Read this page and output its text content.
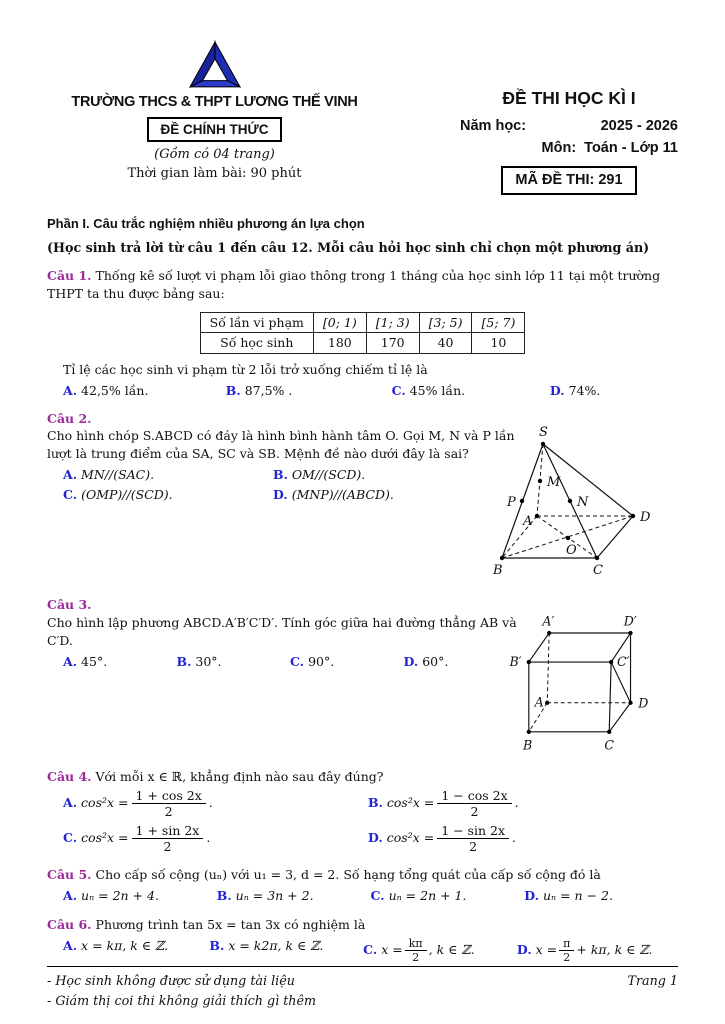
TRƯỜNG THCS & THPT LƯƠNG THẾ VINH
ĐỀ CHÍNH THỨC
(Gồm có 04 trang)
Thời gian làm bài: 90 phút
ĐỀ THI HỌC KÌ I
Năm học:	2025 - 2026
Môn: Toán - Lớp 11
MÃ ĐỀ THI: 291
Phần I. Câu trắc nghiệm nhiều phương án lựa chọn
(Học sinh trả lời từ câu 1 đến câu 12. Mỗi câu hỏi học sinh chỉ chọn một phương án)

Câu 1. Thống kê số lượt vi phạm lỗi giao thông trong 1 tháng của học sinh lớp 11 tại một trường THPT ta thu được bảng sau:

Số lần vi phạm	[0; 1)	[1; 3)	[3; 5)	[5; 7)
Số học sinh	180	170	40	10
Tỉ lệ các học sinh vi phạm từ 2 lỗi trở xuống chiếm tỉ lệ là
A. 42,5% lần.	B. 87,5% .	C. 45% lần.	D. 74%.
Câu 2.

Cho hình chóp S.ABCD có đáy là hình bình hành tâm O. Gọi M, N và P lần lượt là trung điểm của SA, SC và SB. Mệnh đề nào dưới đây là sai?

A. MN//(SAC).	B. OM//(SCD).
C. (OMP)//(SCD).	D. (MNP)//(ABCD).
S
M
P	N
A	D
O
B	C
Câu 3.

Cho hình lập phương ABCD.A′B′C′D′. Tính góc giữa hai đường thẳng AB và C′D.

A. 45°.	B. 30°.	C. 90°.	D. 60°.
A′	D′
B′	C′
A	D
B	C

Câu 4. Với mỗi x ∈ ℝ, khẳng định nào sau đây đúng?

A. $\cos^2x = \frac{1 + \cos 2x}{2}$ .	B. $\cos^2x = \frac{1 - \cos 2x}{2}$ .
C. $\cos^2x = \frac{1 + \sin 2x}{2}$ .	D. $\cos^2x = \frac{1 - \sin 2x}{2}$ .

Câu 5. Cho cấp số cộng (uₙ) với u₁ = 3, d = 2. Số hạng tổng quát của cấp số cộng đó là

A. uₙ = 2n + 4.	B. uₙ = 3n + 2.	C. uₙ = 2n + 1.	D. uₙ = n − 2.

Câu 6. Phương trình tan 5x = tan 3x có nghiệm là

A. x = kπ, k ∈ ℤ.	B. x = k2π, k ∈ ℤ.	C. $x = \frac{k\pi}{2}$ , k ∈ ℤ.	D. $x = \frac{\pi}{2} + k\pi$, k ∈ ℤ.
- Học sinh không được sử dụng tài liệu	Trang 1
- Giám thị coi thi không giải thích gì thêm
